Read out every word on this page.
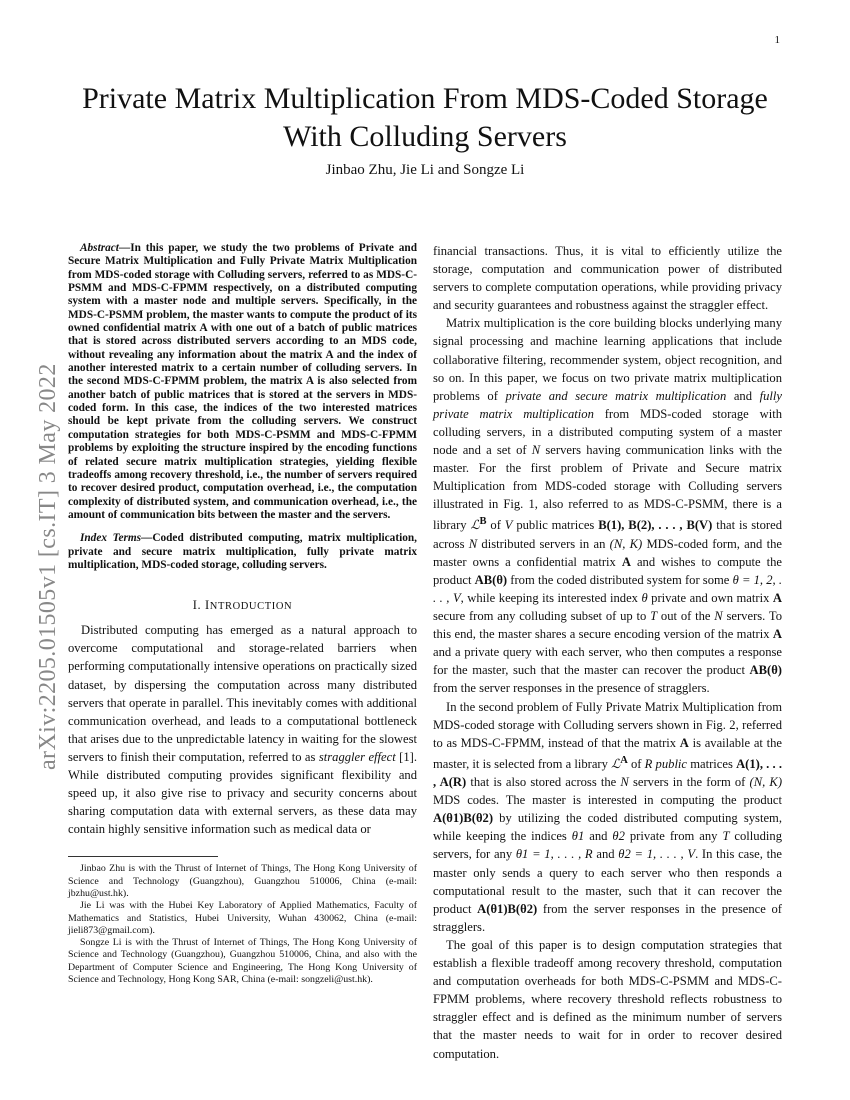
1
arXiv:2205.01505v1 [cs.IT] 3 May 2022
Private Matrix Multiplication From MDS-Coded Storage With Colluding Servers
Jinbao Zhu, Jie Li and Songze Li

Abstract—In this paper, we study the two problems of Private and Secure Matrix Multiplication and Fully Private Matrix Multiplication from MDS-coded storage with Colluding servers, referred to as MDS-C-PSMM and MDS-C-FPMM respectively, on a distributed computing system with a master node and multiple servers. Specifically, in the MDS-C-PSMM problem, the master wants to compute the product of its owned confidential matrix A with one out of a batch of public matrices that is stored across distributed servers according to an MDS code, without revealing any information about the matrix A and the index of another interested matrix to a certain number of colluding servers. In the second MDS-C-FPMM problem, the matrix A is also selected from another batch of public matrices that is stored at the servers in MDS-coded form. In this case, the indices of the two interested matrices should be kept private from the colluding servers. We construct computation strategies for both MDS-C-PSMM and MDS-C-FPMM problems by exploiting the structure inspired by the encoding functions of related secure matrix multiplication strategies, yielding flexible tradeoffs among recovery threshold, i.e., the number of servers required to recover desired product, computation overhead, i.e., the computation complexity of distributed system, and communication overhead, i.e., the amount of communication bits between the master and the servers.

Index Terms—Coded distributed computing, matrix multiplication, private and secure matrix multiplication, fully private matrix multiplication, MDS-coded storage, colluding servers.

I. INTRODUCTION

Distributed computing has emerged as a natural approach to overcome computational and storage-related barriers when performing computationally intensive operations on practically sized dataset, by dispersing the computation across many distributed servers that operate in parallel. This inevitably comes with additional communication overhead, and leads to a computational bottleneck that arises due to the unpredictable latency in waiting for the slowest servers to finish their computation, referred to as straggler effect [1]. While distributed computing provides significant flexibility and speed up, it also give rise to privacy and security concerns about sharing computation data with external servers, as these data may contain highly sensitive information such as medical data or

Jinbao Zhu is with the Thrust of Internet of Things, The Hong Kong University of Science and Technology (Guangzhou), Guangzhou 510006, China (e-mail: jbzhu@ust.hk).

Jie Li was with the Hubei Key Laboratory of Applied Mathematics, Faculty of Mathematics and Statistics, Hubei University, Wuhan 430062, China (e-mail: jieli873@gmail.com).

Songze Li is with the Thrust of Internet of Things, The Hong Kong University of Science and Technology (Guangzhou), Guangzhou 510006, China, and also with the Department of Computer Science and Engineering, The Hong Kong University of Science and Technology, Hong Kong SAR, China (e-mail: songzeli@ust.hk).

financial transactions. Thus, it is vital to efficiently utilize the storage, computation and communication power of distributed servers to complete computation operations, while providing privacy and security guarantees and robustness against the straggler effect.

Matrix multiplication is the core building blocks underlying many signal processing and machine learning applications that include collaborative filtering, recommender system, object recognition, and so on. In this paper, we focus on two private matrix multiplication problems of private and secure matrix multiplication and fully private matrix multiplication from MDS-coded storage with colluding servers, in a distributed computing system of a master node and a set of N servers having communication links with the master. For the first problem of Private and Secure matrix Multiplication from MDS-coded storage with Colluding servers illustrated in Fig. 1, also referred to as MDS-C-PSMM, there is a library ℒ$^B$ of V public matrices B(1), B(2), . . . , B(V) that is stored across N distributed servers in an (N, K) MDS-coded form, and the master owns a confidential matrix A and wishes to compute the product AB(θ) from the coded distributed system for some θ = 1, 2, . . . , V, while keeping its interested index θ private and own matrix A secure from any colluding subset of up to T out of the N servers. To this end, the master shares a secure encoding version of the matrix A and a private query with each server, who then computes a response for the master, such that the master can recover the product AB(θ) from the server responses in the presence of stragglers.

In the second problem of Fully Private Matrix Multiplication from MDS-coded storage with Colluding servers shown in Fig. 2, referred to as MDS-C-FPMM, instead of that the matrix A is available at the master, it is selected from a library ℒ$^A$ of R public matrices A(1), . . . , A(R) that is also stored across the N servers in the form of (N, K) MDS codes. The master is interested in computing the product A(θ1)B(θ2) by utilizing the coded distributed computing system, while keeping the indices θ1 and θ2 private from any T colluding servers, for any θ1 = 1, . . . , R and θ2 = 1, . . . , V. In this case, the master only sends a query to each server who then responds a computational result to the master, such that it can recover the product A(θ1)B(θ2) from the server responses in the presence of stragglers.

The goal of this paper is to design computation strategies that establish a flexible tradeoff among recovery threshold, computation and computation overheads for both MDS-C-PSMM and MDS-C-FPMM problems, where recovery threshold reflects robustness to straggler effect and is defined as the minimum number of servers that the master needs to wait for in order to recover desired computation.
